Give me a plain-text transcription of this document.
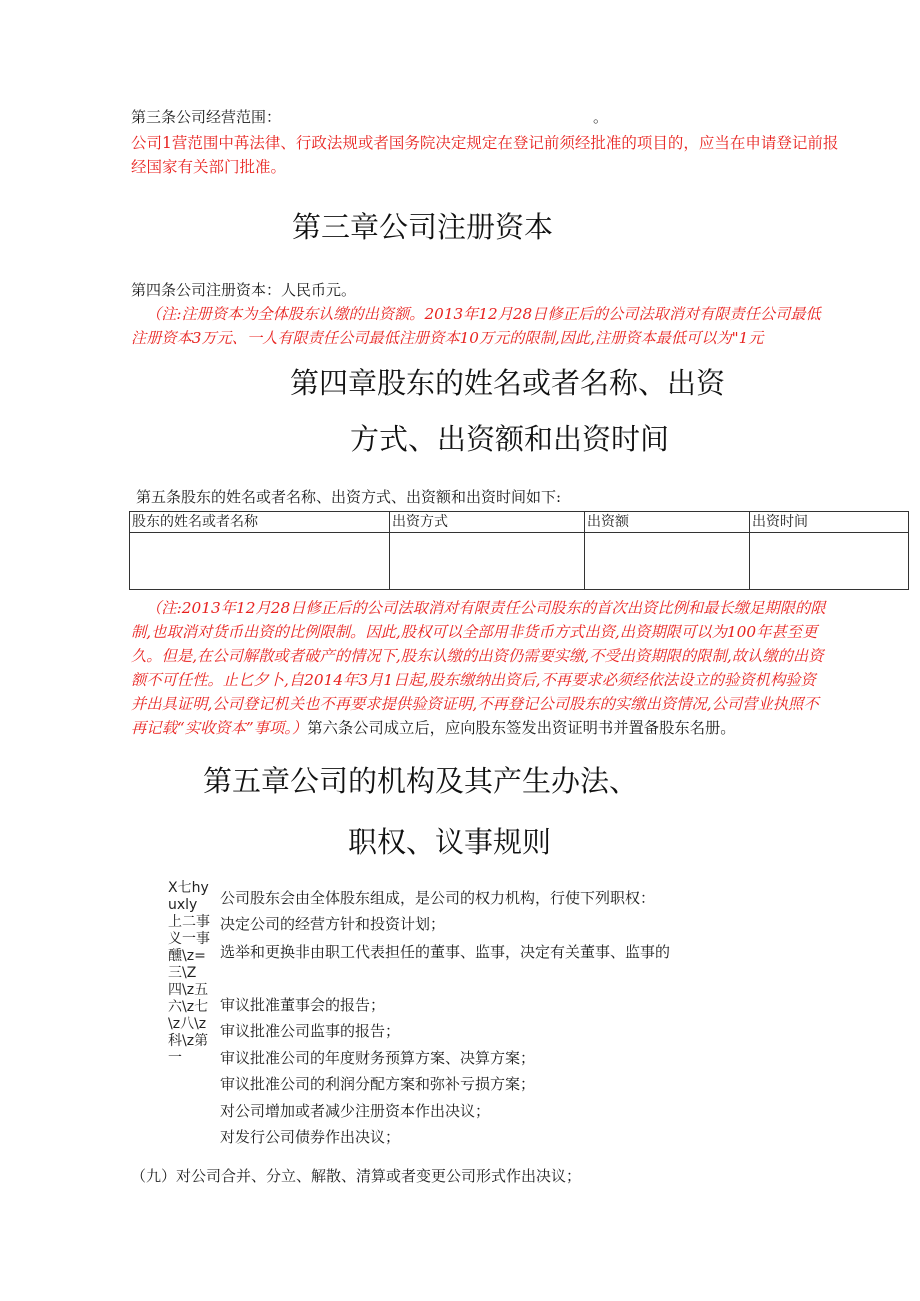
第三条公司经营范围：	。
公司1营范围中苒法律、行政法规或者国务院决定规定在登记前须经批准的项目的，应当在申请登记前报
经国家有关部门批准。
第三章公司注册资本
第四条公司注册资本：人民币元。
（注:注册资本为全体股东认缴的出资额。2013年12月28日修正后的公司法取消对有限责任公司最低
注册资本3万元、一人有限责任公司最低注册资本10万元的限制,因此,注册资本最低可以为"1元
第四章股东的姓名或者名称、出资
方式、出资额和出资时间
第五条股东的姓名或者名称、出资方式、出资额和出资时间如下:
股东的姓名或者名称	出资方式	出资额	出资时间

（注:2013年12月28日修正后的公司法取消对有限责任公司股东的首次出资比例和最长缴足期限的限
制,也取消对货币出资的比例限制。因此,股权可以全部用非货币方式出资,出资期限可以为100年甚至更
久。但是,在公司解散或者破产的情况下,股东认缴的出资仍需要实缴,不受出资期限的限制,故认缴的出资
额不可任性。止匕夕卜,自2014年3月1日起,股东缴纳出资后,不再要求必须经依法设立的验资机构验资
并出具证明,公司登记机关也不再要求提供验资证明,不再登记公司股东的实缴出资情况,公司营业执照不
再记载“实收资本”事项。）第六条公司成立后，应向股东签发出资证明书并置备股东名册。
第五章公司的机构及其产生办法、
职权、议事规则
X七hyuxly上二事义一事醺\z=三\Z四\z五六\z七\z八\z科\z第一
公司股东会由全体股东组成，是公司的权力机构，行使下列职权：
决定公司的经营方针和投资计划；
选举和更换非由职工代表担任的董事、监事，决定有关董事、监事的
审议批准董事会的报告；
审议批准公司监事的报告；
审议批准公司的年度财务预算方案、决算方案；
审议批准公司的利润分配方案和弥补亏损方案；
对公司增加或者减少注册资本作出决议；
对发行公司债券作出决议；
（九）对公司合并、分立、解散、清算或者变更公司形式作出决议；
